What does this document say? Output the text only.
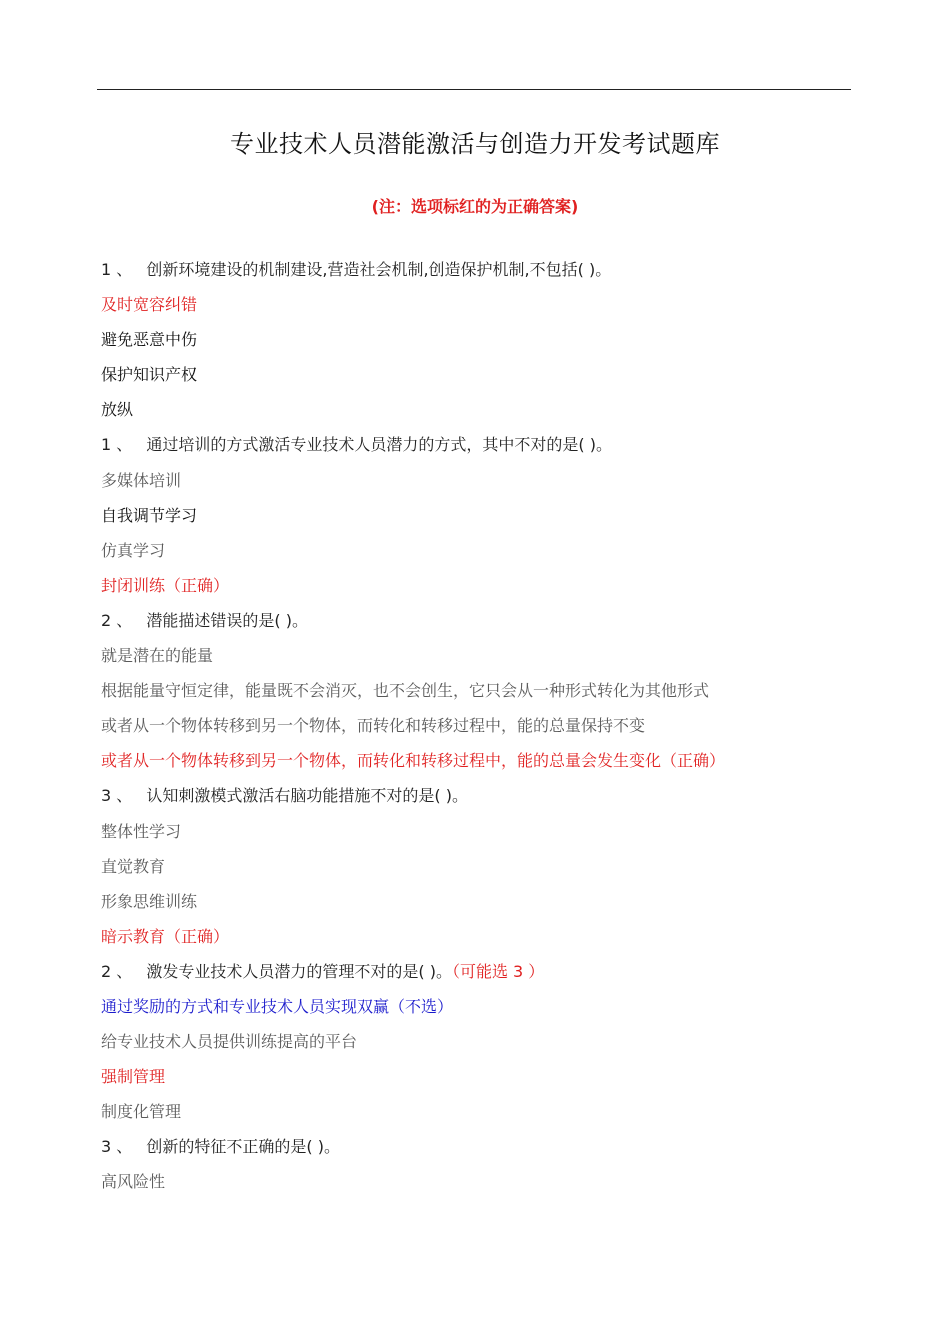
专业技术人员潜能激活与创造力开发考试题库
(注：选项标红的为正确答案)
1 、 创新环境建设的机制建设,营造社会机制,创造保护机制,不包括( )。
及时宽容纠错
避免恶意中伤
保护知识产权
放纵
1 、 通过培训的方式激活专业技术人员潜力的方式，其中不对的是( )。
多媒体培训
自我调节学习
仿真学习
封闭训练（正确）
2 、 潜能描述错误的是( )。
就是潜在的能量
根据能量守恒定律，能量既不会消灭，也不会创生，它只会从一种形式转化为其他形式
或者从一个物体转移到另一个物体，而转化和转移过程中，能的总量保持不变
或者从一个物体转移到另一个物体，而转化和转移过程中，能的总量会发生变化（正确）
3 、 认知刺激模式激活右脑功能措施不对的是( )。
整体性学习
直觉教育
形象思维训练
暗示教育（正确）
2 、 激发专业技术人员潜力的管理不对的是( )。（可能选 3 ）
通过奖励的方式和专业技术人员实现双赢（不选）
给专业技术人员提供训练提高的平台
强制管理
制度化管理
3 、 创新的特征不正确的是( )。
高风险性
